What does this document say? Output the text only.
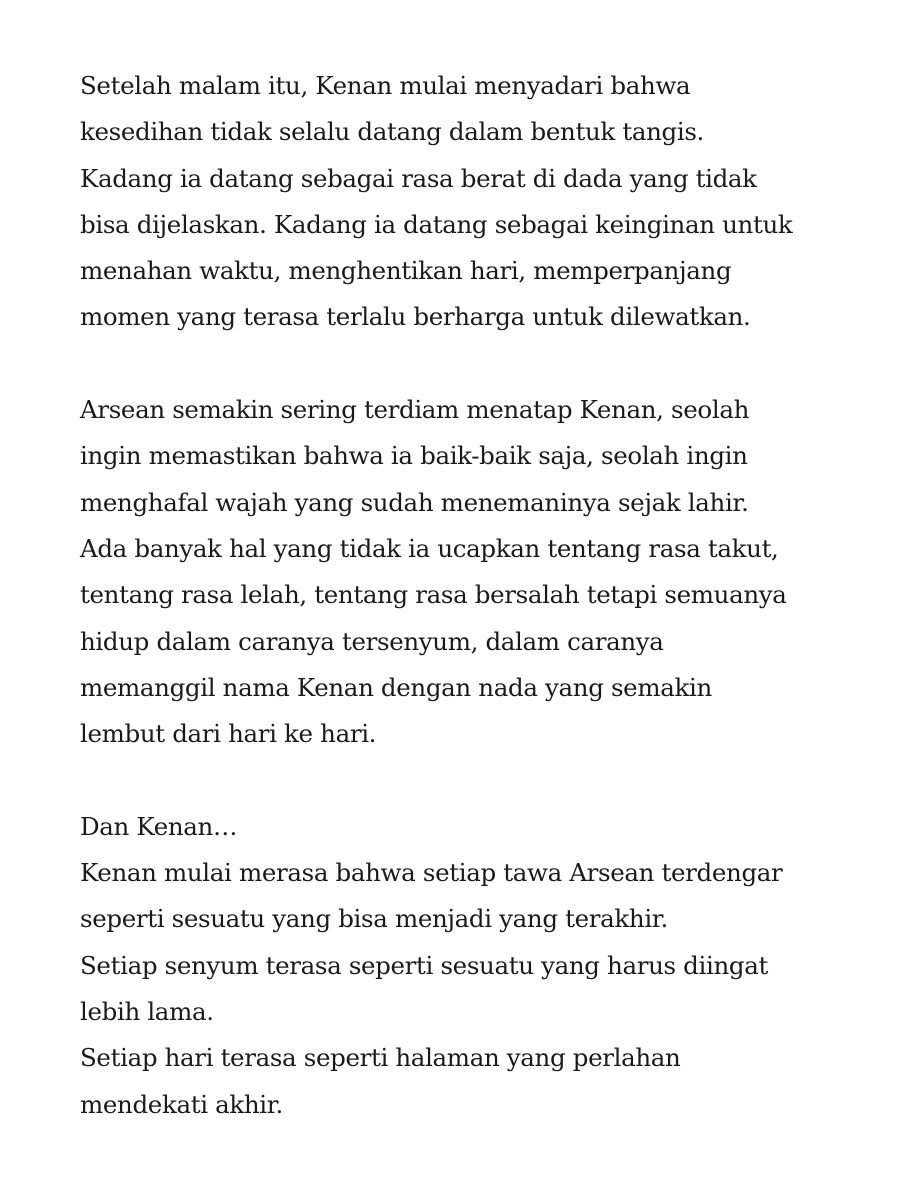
Setelah malam itu, Kenan mulai menyadari bahwa
kesedihan tidak selalu datang dalam bentuk tangis.
Kadang ia datang sebagai rasa berat di dada yang tidak
bisa dijelaskan. Kadang ia datang sebagai keinginan untuk
menahan waktu, menghentikan hari, memperpanjang
momen yang terasa terlalu berharga untuk dilewatkan.

Arsean semakin sering terdiam menatap Kenan, seolah
ingin memastikan bahwa ia baik-baik saja, seolah ingin
menghafal wajah yang sudah menemaninya sejak lahir.
Ada banyak hal yang tidak ia ucapkan tentang rasa takut,
tentang rasa lelah, tentang rasa bersalah tetapi semuanya
hidup dalam caranya tersenyum, dalam caranya
memanggil nama Kenan dengan nada yang semakin
lembut dari hari ke hari.

Dan Kenan…
Kenan mulai merasa bahwa setiap tawa Arsean terdengar
seperti sesuatu yang bisa menjadi yang terakhir.
Setiap senyum terasa seperti sesuatu yang harus diingat
lebih lama.
Setiap hari terasa seperti halaman yang perlahan
mendekati akhir.
